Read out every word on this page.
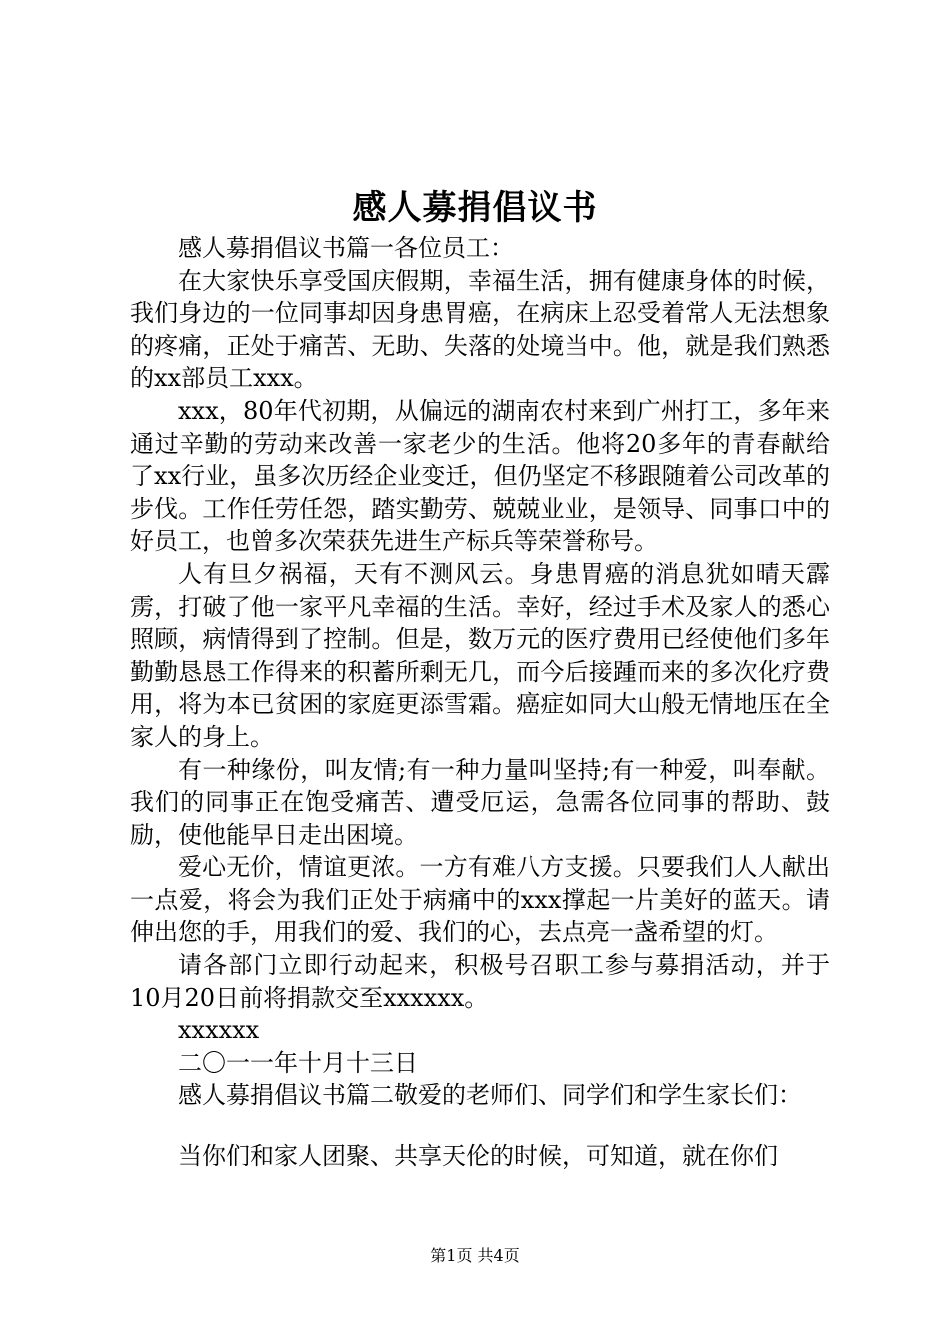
感人募捐倡议书

感人募捐倡议书篇一各位员工：

在大家快乐享受国庆假期，幸福生活，拥有健康身体的时候，我们身边的一位同事却因身患胃癌，在病床上忍受着常人无法想象的疼痛，正处于痛苦、无助、失落的处境当中。他，就是我们熟悉的xx部员工xxx。

xxx，80年代初期，从偏远的湖南农村来到广州打工，多年来通过辛勤的劳动来改善一家老少的生活。他将20多年的青春献给了xx行业，虽多次历经企业变迁，但仍坚定不移跟随着公司改革的步伐。工作任劳任怨，踏实勤劳、兢兢业业，是领导、同事口中的好员工，也曾多次荣获先进生产标兵等荣誉称号。

人有旦夕祸福，天有不测风云。身患胃癌的消息犹如晴天霹雳，打破了他一家平凡幸福的生活。幸好，经过手术及家人的悉心照顾，病情得到了控制。但是，数万元的医疗费用已经使他们多年勤勤恳恳工作得来的积蓄所剩无几，而今后接踵而来的多次化疗费用，将为本已贫困的家庭更添雪霜。癌症如同大山般无情地压在全家人的身上。

有一种缘份，叫友情;有一种力量叫坚持;有一种爱，叫奉献。我们的同事正在饱受痛苦、遭受厄运，急需各位同事的帮助、鼓励，使他能早日走出困境。

爱心无价，情谊更浓。一方有难八方支援。只要我们人人献出一点爱，将会为我们正处于病痛中的xxx撑起一片美好的蓝天。请伸出您的手，用我们的爱、我们的心，去点亮一盏希望的灯。

请各部门立即行动起来，积极号召职工参与募捐活动，并于10月20日前将捐款交至xxxxxx。

xxxxxx

二〇一一年十月十三日

感人募捐倡议书篇二敬爱的老师们、同学们和学生家长们：

当你们和家人团聚、共享天伦的时候，可知道，就在你们

第1页 共4页
